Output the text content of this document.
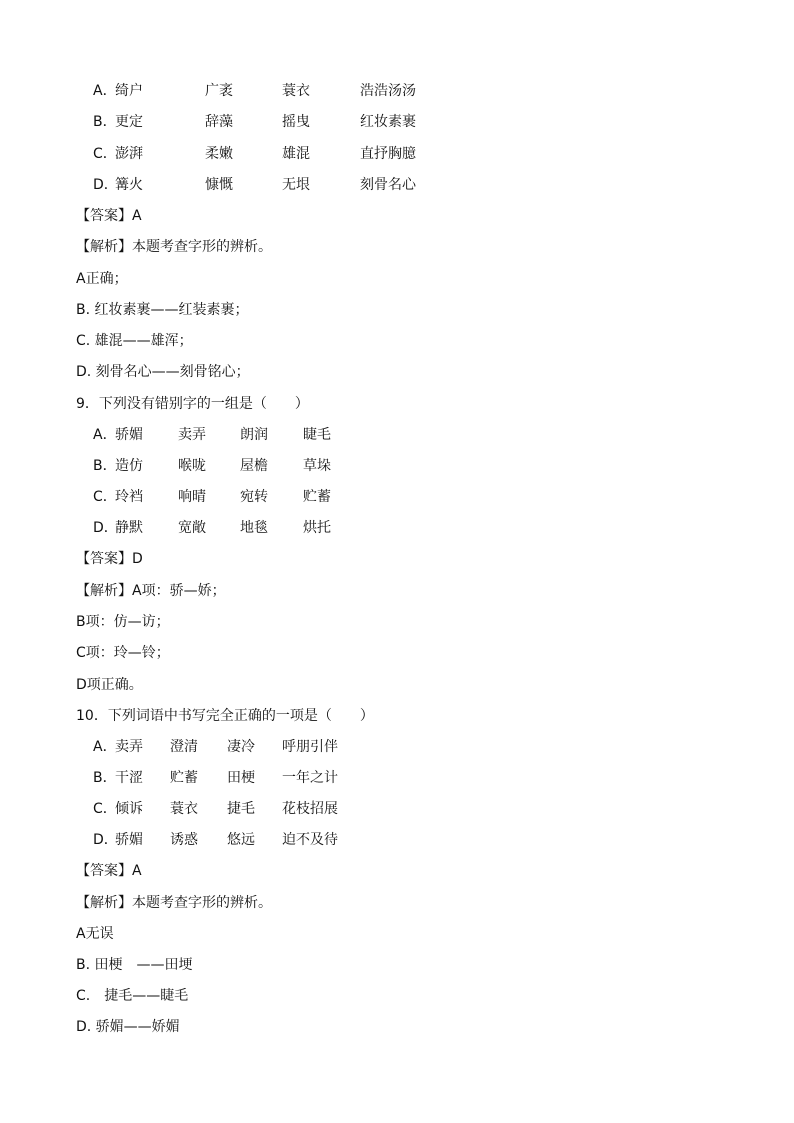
A．
绮户	广袤	蓑衣	浩浩汤汤
B．
更定	辞藻	摇曳	红妆素裹
C．
澎湃	柔嫩	雄混	直抒胸臆
D．
篝火	慷慨	无垠	刻骨名心
【答案】A
【解析】本题考查字形的辨析。
A正确；
B. 红妆素裹——红装素裹；
C. 雄混——雄浑；
D. 刻骨名心——刻骨铭心；
9．下列没有错别字的一组是（　　）
A．
骄媚	卖弄 朗润	睫毛
B．
造仿	喉咙 屋檐	草垛
C．
玲裆	响晴 宛转	贮蓄
D．
静默	宽敞 地毯	烘托
【答案】D
【解析】A项：骄—娇；
B项：仿—访；
C项：玲—铃；
D项正确。
10．下列词语中书写完全正确的一项是（　　）
A．
卖弄 澄清 凄冷 呼朋引伴
B．
干涩 贮蓄 田梗 一年之计
C．
倾诉 蓑衣 捷毛 花枝招展
D．
骄媚 诱惑 悠远 迫不及待
【答案】A
【解析】本题考查字形的辨析。
A无误
B. 田梗　——田埂
C.　捷毛——睫毛
D. 骄媚——娇媚
